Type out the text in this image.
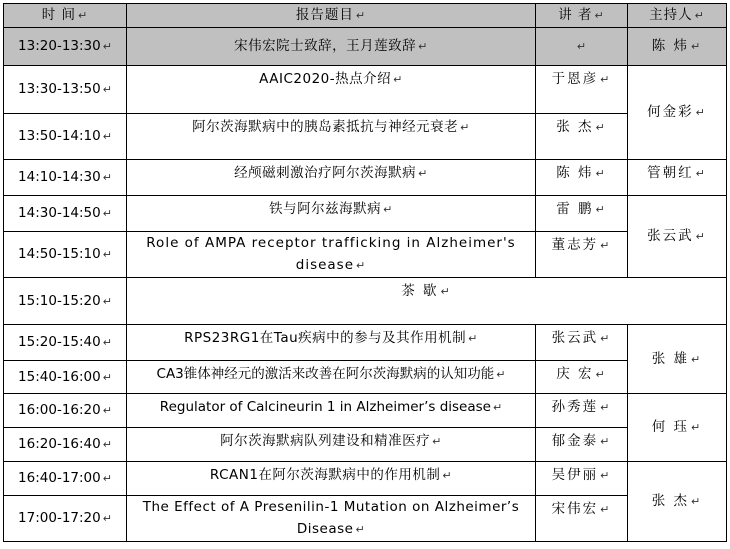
时 间 ↵	报告题目 ↵	讲 者 ↵	主持人 ↵
13:20-13:30 ↵	宋伟宏院士致辞，王月莲致辞 ↵	↵	陈 炜 ↵
13:30-13:50 ↵	AAIC2020-热点介绍 ↵	于恩彦 ↵	何金彩 ↵
13:50-14:10 ↵	阿尔茨海默病中的胰岛素抵抗与神经元衰老 ↵	张 杰 ↵	
14:10-14:30 ↵	经颅磁刺激治疗阿尔茨海默病 ↵	陈 炜 ↵	管朝红 ↵
14:30-14:50 ↵	铁与阿尔兹海默病 ↵	雷 鹏 ↵	张云武 ↵
14:50-15:10 ↵	Role of AMPA receptor trafficking in Alzheimer's disease ↵	董志芳 ↵	
15:10-15:20 ↵	茶 歇 ↵		
15:20-15:40 ↵	RPS23RG1在Tau疾病中的参与及其作用机制 ↵	张云武 ↵	张 雄 ↵
15:40-16:00 ↵	CA3锥体神经元的激活来改善在阿尔茨海默病的认知功能 ↵	庆 宏 ↵	
16:00-16:20 ↵	Regulator of Calcineurin 1 in Alzheimer’s disease ↵	孙秀莲 ↵	何 珏 ↵
16:20-16:40 ↵	阿尔茨海默病队列建设和精准医疗 ↵	郁金泰 ↵	
16:40-17:00 ↵	RCAN1在阿尔茨海默病中的作用机制 ↵	吴伊丽 ↵	张 杰 ↵
17:00-17:20 ↵	The Effect of A Presenilin-1 Mutation on Alzheimer’s Disease ↵	宋伟宏 ↵	
